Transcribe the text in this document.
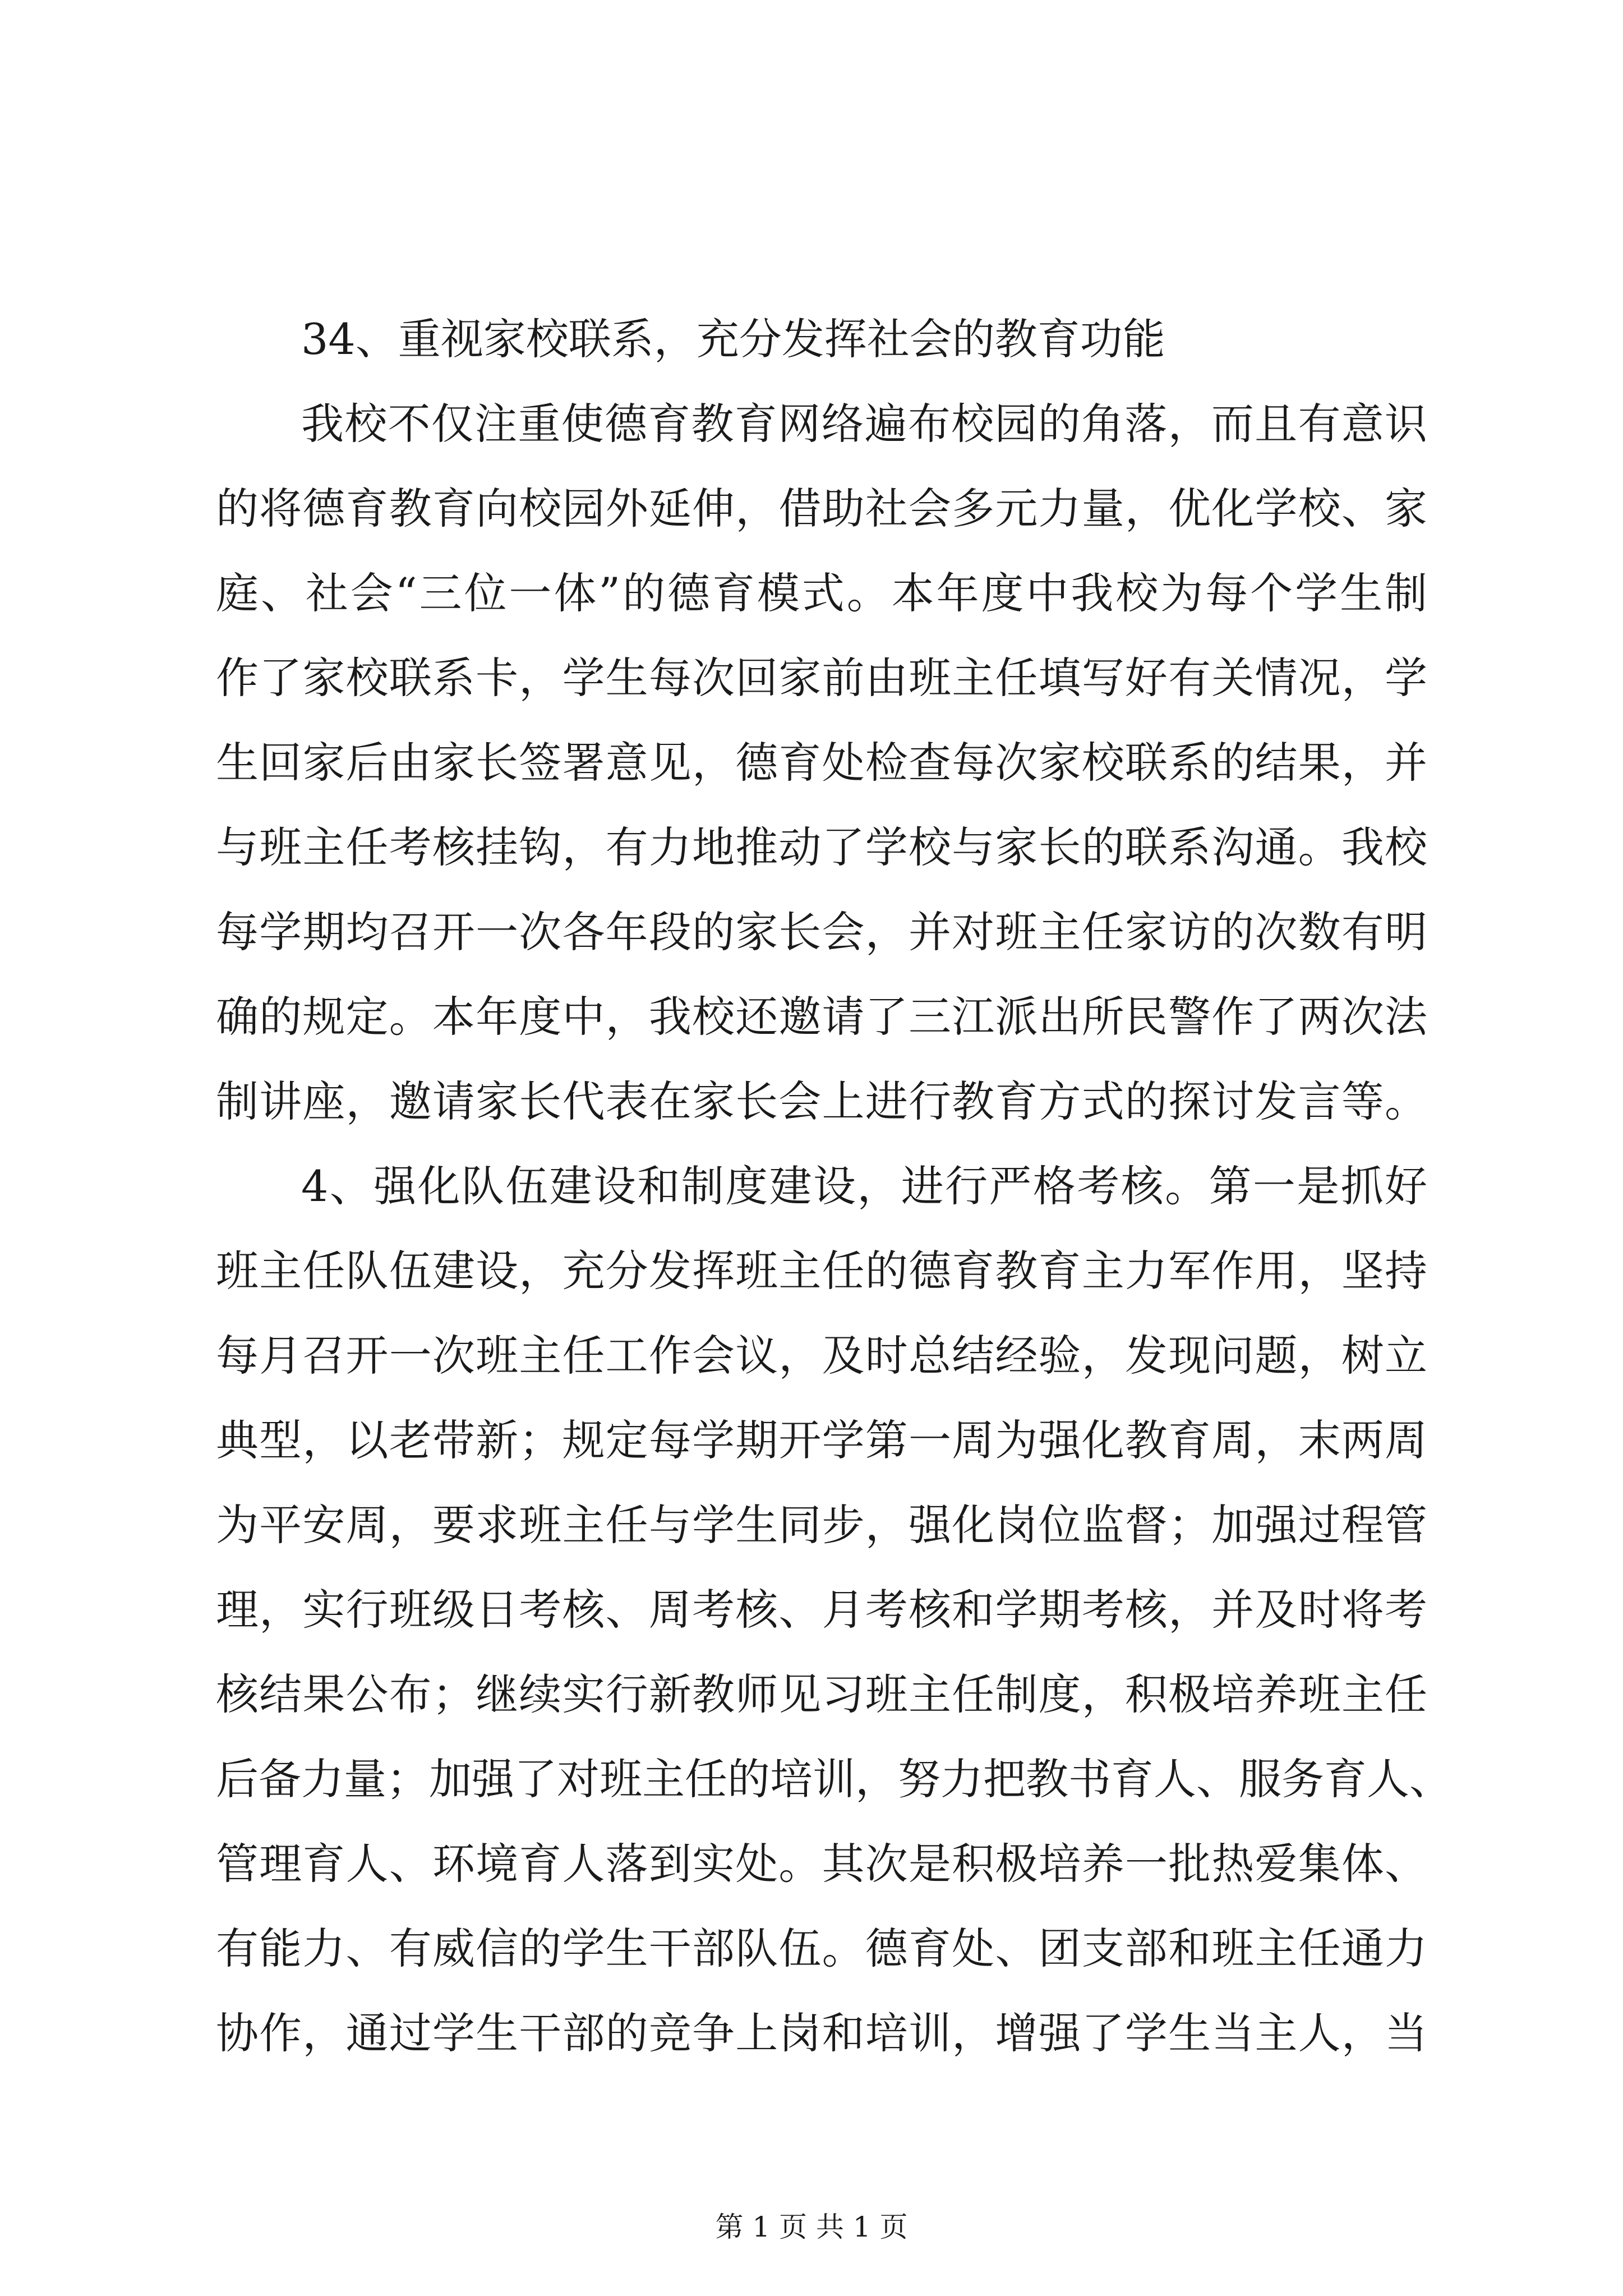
34、重视家校联系，充分发挥社会的教育功能

我校不仅注重使德育教育网络遍布校园的角落，而且有意识

的将德育教育向校园外延伸，借助社会多元力量，优化学校、家

庭、社会“三位一体”的德育模式。本年度中我校为每个学生制

作了家校联系卡，学生每次回家前由班主任填写好有关情况，学

生回家后由家长签署意见，德育处检查每次家校联系的结果，并

与班主任考核挂钩，有力地推动了学校与家长的联系沟通。我校

每学期均召开一次各年段的家长会，并对班主任家访的次数有明

确的规定。本年度中，我校还邀请了三江派出所民警作了两次法

制讲座，邀请家长代表在家长会上进行教育方式的探讨发言等。

4、强化队伍建设和制度建设，进行严格考核。第一是抓好

班主任队伍建设，充分发挥班主任的德育教育主力军作用，坚持

每月召开一次班主任工作会议，及时总结经验，发现问题，树立

典型，以老带新；规定每学期开学第一周为强化教育周，末两周

为平安周，要求班主任与学生同步，强化岗位监督；加强过程管

理，实行班级日考核、周考核、月考核和学期考核，并及时将考

核结果公布；继续实行新教师见习班主任制度，积极培养班主任

后备力量；加强了对班主任的培训，努力把教书育人、服务育人、

管理育人、环境育人落到实处。其次是积极培养一批热爱集体、

有能力、有威信的学生干部队伍。德育处、团支部和班主任通力

协作，通过学生干部的竞争上岗和培训，增强了学生当主人，当

第 1 页 共 1 页
